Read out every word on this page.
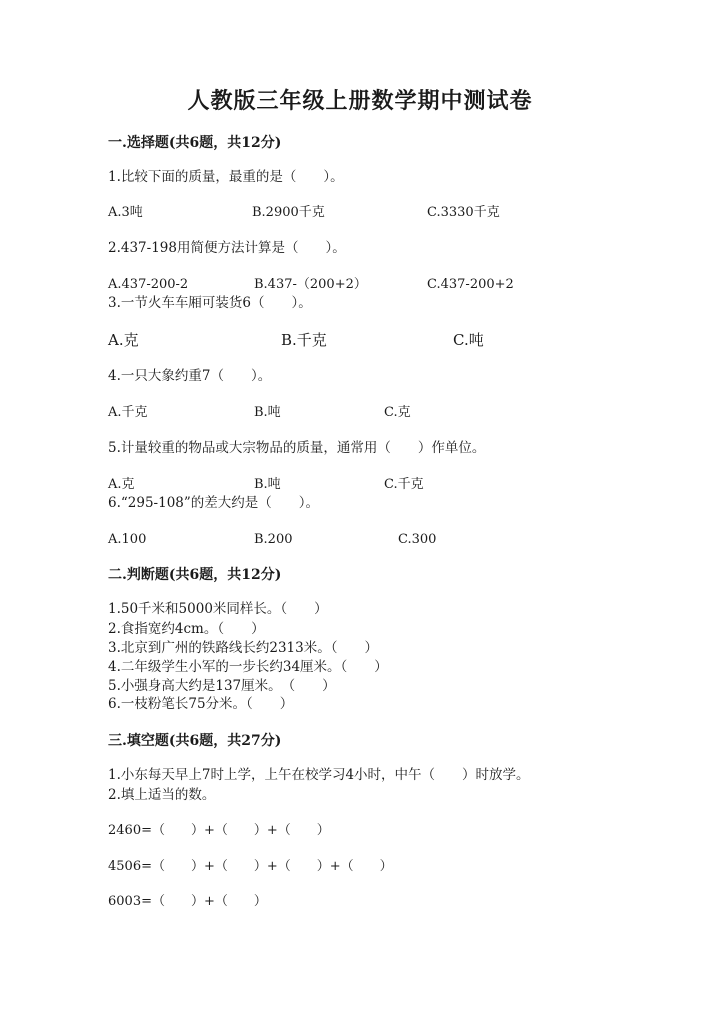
人教版三年级上册数学期中测试卷
一.选择题(共6题，共12分)
1.比较下面的质量，最重的是（　　）。
A.3吨	B.2900千克	C.3330千克
2.437-198用简便方法计算是（　　）。
A.437-200-2	B.437-（200+2）	C.437-200+2
3.一节火车车厢可装货6（　　）。
A.克	B.千克	C.吨
4.一只大象约重7（　　）。
A.千克	B.吨	C.克
5.计量较重的物品或大宗物品的质量，通常用（　　）作单位。
A.克	B.吨	C.千克
6.“295-108”的差大约是（　　）。
A.100	B.200	C.300
二.判断题(共6题，共12分)
1.50千米和5000米同样长。（　　）
2.食指宽约4cm。（　　）
3.北京到广州的铁路线长约2313米。（　　）
4.二年级学生小军的一步长约34厘米。（　　）
5.小强身高大约是137厘米。　（　　）
6.一枝粉笔长75分米。（　　）
三.填空题(共6题，共27分)
1.小东每天早上7时上学，上午在校学习4小时，中午（　　）时放学。
2.填上适当的数。
2460=（　　）+（　　）+（　　）
4506=（　　）+（　　）+（　　）+（　　）
6003=（　　）+（　　）
